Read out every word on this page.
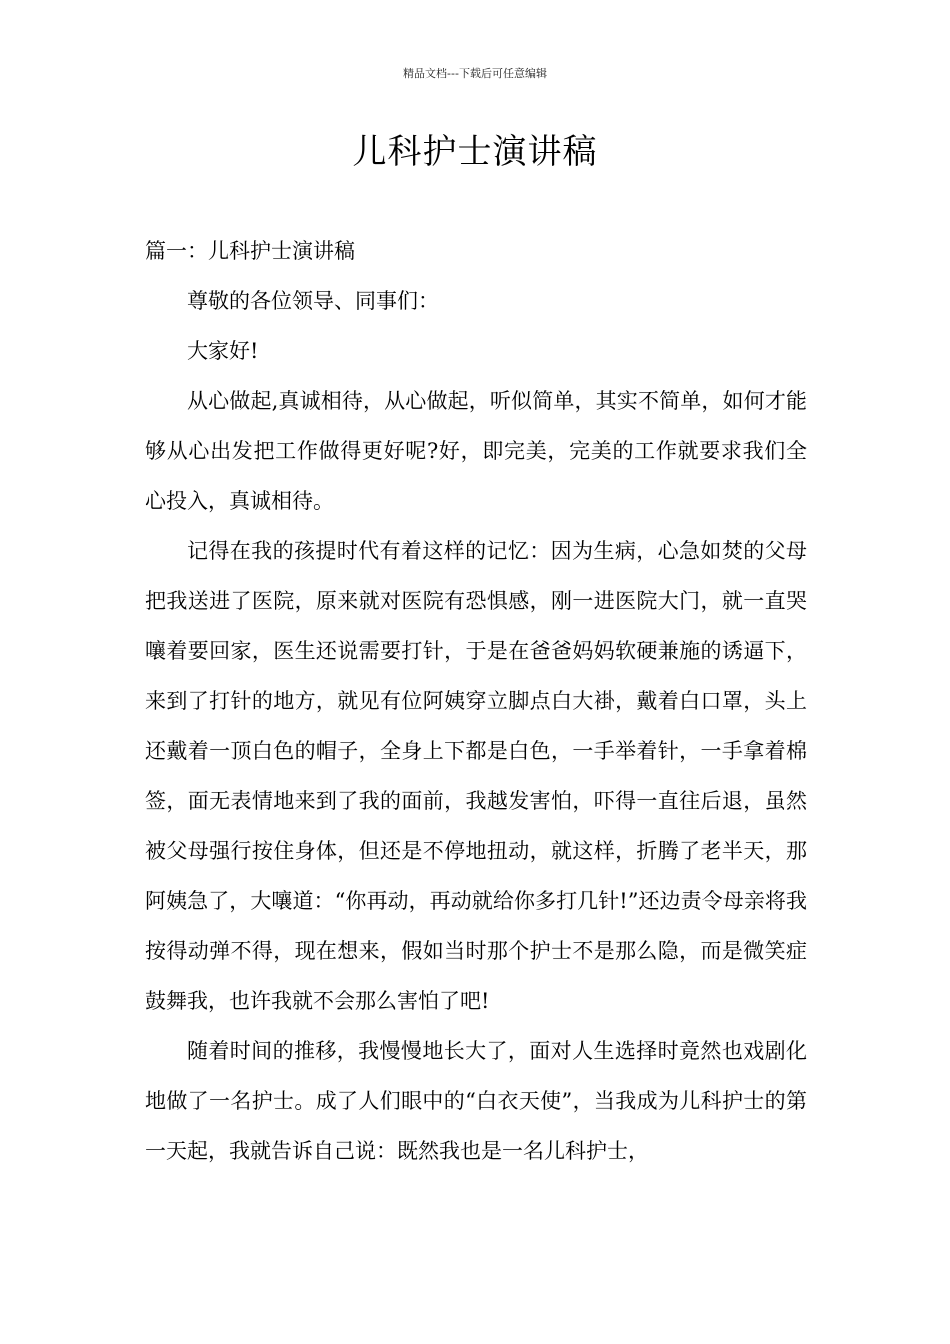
精品文档---下载后可任意编辑
儿科护士演讲稿

篇一：儿科护士演讲稿

尊敬的各位领导、同事们：

大家好!

从心做起,真诚相待，从心做起，听似简单，其实不简单，如何才能够从心出发把工作做得更好呢?好，即完美，完美的工作就要求我们全心投入，真诚相待。

记得在我的孩提时代有着这样的记忆：因为生病，心急如焚的父母把我送进了医院，原来就对医院有恐惧感，刚一进医院大门，就一直哭嚷着要回家，医生还说需要打针，于是在爸爸妈妈软硬兼施的诱逼下，来到了打针的地方，就见有位阿姨穿立脚点白大褂，戴着白口罩，头上还戴着一顶白色的帽子，全身上下都是白色，一手举着针，一手拿着棉签，面无表情地来到了我的面前，我越发害怕，吓得一直往后退，虽然被父母强行按住身体，但还是不停地扭动，就这样，折腾了老半天，那阿姨急了，大嚷道：“你再动，再动就给你多打几针!”还边责令母亲将我按得动弹不得，现在想来，假如当时那个护士不是那么隐，而是微笑症鼓舞我，也许我就不会那么害怕了吧!

随着时间的推移，我慢慢地长大了，面对人生选择时竟然也戏剧化地做了一名护士。成了人们眼中的“白衣天使”，当我成为儿科护士的第一天起，我就告诉自己说：既然我也是一名儿科护士，
